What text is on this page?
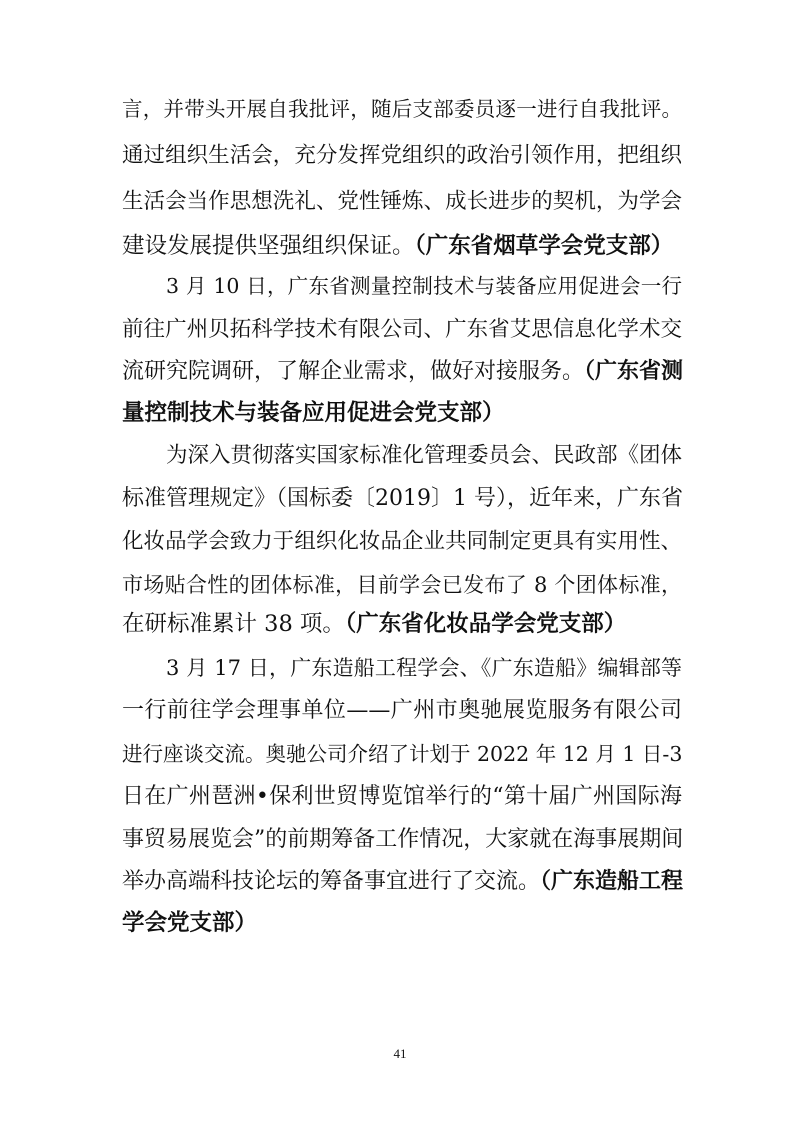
言，并带头开展自我批评，随后支部委员逐一进行自我批评。
通过组织生活会，充分发挥党组织的政治引领作用，把组织
生活会当作思想洗礼、党性锤炼、成长进步的契机，为学会
建设发展提供坚强组织保证。（广东省烟草学会党支部）
3 月 10 日，广东省测量控制技术与装备应用促进会一行
前往广州贝拓科学技术有限公司、广东省艾思信息化学术交
流研究院调研，了解企业需求，做好对接服务。（广东省测
量控制技术与装备应用促进会党支部）
为深入贯彻落实国家标准化管理委员会、民政部《团体
标准管理规定》（国标委〔2019〕1 号），近年来，广东省
化妆品学会致力于组织化妆品企业共同制定更具有实用性、
市场贴合性的团体标准，目前学会已发布了 8 个团体标准，
在研标准累计 38 项。（广东省化妆品学会党支部）
3 月 17 日，广东造船工程学会、《广东造船》编辑部等
一行前往学会理事单位——广州市奥驰展览服务有限公司
进行座谈交流。奥驰公司介绍了计划于 2022 年 12 月 1 日-3
日在广州琶洲•保利世贸博览馆举行的“第十届广州国际海
事贸易展览会”的前期筹备工作情况，大家就在海事展期间
举办高端科技论坛的筹备事宜进行了交流。（广东造船工程
学会党支部）
41
